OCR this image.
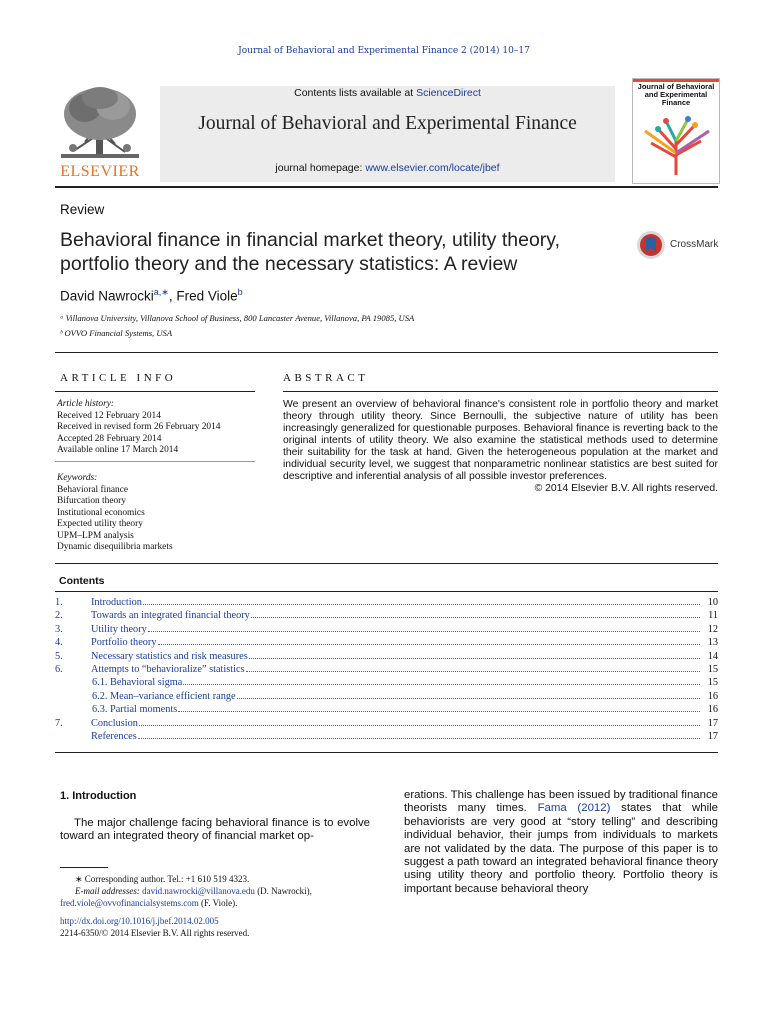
Journal of Behavioral and Experimental Finance 2 (2014) 10–17
ELSEVIER
Contents lists available at ScienceDirect
Journal of Behavioral and Experimental Finance
journal homepage: www.elsevier.com/locate/jbef
Journal of Behavioral and Experimental Finance
Review
Behavioral finance in financial market theory, utility theory, portfolio theory and the necessary statistics: A review
CrossMark
David Nawrocki$^{a,∗}$, Fred Viole$^b$
ᵃ Villanova University, Villanova School of Business, 800 Lancaster Avenue, Villanova, PA 19085, USA
ᵇ OVVO Financial Systems, USA
ARTICLE INFO	ABSTRACT
Article history:
Received 12 February 2014
Received in revised form 26 February 2014
Accepted 28 February 2014
Available online 17 March 2014
Keywords:
Behavioral finance
Bifurcation theory
Institutional economics
Expected utility theory
UPM–LPM analysis
Dynamic disequilibria markets
We present an overview of behavioral finance's consistent role in portfolio theory and market theory through utility theory. Since Bernoulli, the subjective nature of utility has been increasingly generalized for questionable purposes. Behavioral finance is reverting back to the original intents of utility theory. We also examine the statistical methods used to determine their suitability for the task at hand. Given the heterogeneous population at the market and individual security level, we suggest that nonparametric nonlinear statistics are best suited for descriptive and inferential analysis of all possible investor preferences.
© 2014 Elsevier B.V. All rights reserved.
Contents
1.	Introduction	10
2.	Towards an integrated financial theory	11
3.	Utility theory	12
4.	Portfolio theory	13
5.	Necessary statistics and risk measures	14
6.	Attempts to “behavioralize” statistics	15
6.1. Behavioral sigma	15
6.2. Mean–variance efficient range	16
6.3. Partial moments	16
7.	Conclusion	17
References	17
1. Introduction
The major challenge facing behavioral finance is to evolve toward an integrated theory of financial market op-
erations. This challenge has been issued by traditional finance theorists many times. Fama (2012) states that while behaviorists are very good at “story telling” and describing individual behavior, their jumps from individuals to markets are not validated by the data. The purpose of this paper is to suggest a path toward an integrated behavioral finance theory using utility theory and portfolio theory. Portfolio theory is important because behavioral theory
∗ Corresponding author. Tel.: +1 610 519 4323.
E-mail addresses: david.nawrocki@villanova.edu (D. Nawrocki),
fred.viole@ovvofinancialsystems.com (F. Viole).
http://dx.doi.org/10.1016/j.jbef.2014.02.005
2214-6350/© 2014 Elsevier B.V. All rights reserved.
